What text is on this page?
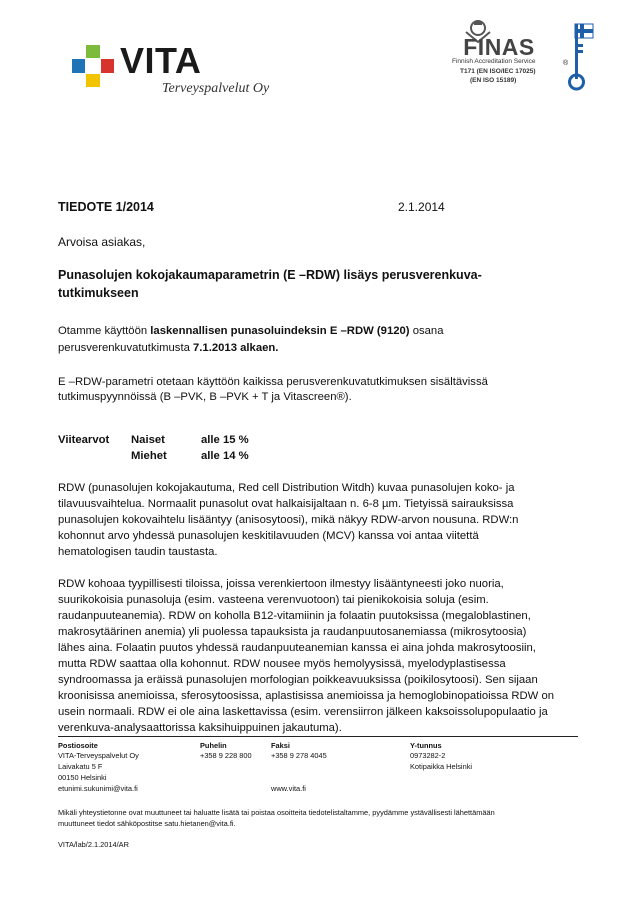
VITA
Terveyspalvelut Oy
FINAS
Finnish Accreditation Service
T171 (EN ISO/IEC 17025)
(EN ISO 15189)
®
TIEDOTE 1/2014	2.1.2014
Arvoisa asiakas,
Punasolujen kokojakaumaparametrin (E –RDW) lisäys perusverenkuva-
tutkimukseen
Otamme käyttöön laskennallisen punasoluindeksin E –RDW (9120) osana
perusverenkuvatutkimusta 7.1.2013 alkaen.
E –RDW-parametri otetaan käyttöön kaikissa perusverenkuvatutkimuksen sisältävissä
tutkimuspyynnöissä (B –PVK, B –PVK + T ja Vitascreen®).
Viitearvot Naiset	alle 15 %
Miehet	alle 14 %
RDW (punasolujen kokojakautuma, Red cell Distribution Witdh) kuvaa punasolujen koko- ja
tilavuusvaihtelua. Normaalit punasolut ovat halkaisijaltaan n. 6-8 µm. Tietyissä sairauksissa
punasolujen kokovaihtelu lisääntyy (anisosytoosi), mikä näkyy RDW-arvon nousuna. RDW:n
kohonnut arvo yhdessä punasolujen keskitilavuuden (MCV) kanssa voi antaa viitettä
hematologisen taudin taustasta.
RDW kohoaa tyypillisesti tiloissa, joissa verenkiertoon ilmestyy lisääntyneesti joko nuoria,
suurikokoisia punasoluja (esim. vasteena verenvuotoon) tai pienikokoisia soluja (esim.
raudanpuuteanemia). RDW on koholla B12-vitamiinin ja folaatin puutoksissa (megaloblastinen,
makrosytäärinen anemia) yli puolessa tapauksista ja raudanpuutosanemiassa (mikrosytoosia)
lähes aina. Folaatin puutos yhdessä raudanpuuteanemian kanssa ei aina johda makrosytoosiin,
mutta RDW saattaa olla kohonnut. RDW nousee myös hemolyysissä, myelodyplastisessa
syndroomassa ja eräissä punasolujen morfologian poikkeavuuksissa (poikilosytoosi). Sen sijaan
kroonisissa anemioissa, sferosytoosissa, aplastisissa anemioissa ja hemoglobinopatioissa RDW on
usein normaali. RDW ei ole aina laskettavissa (esim. verensiirron jälkeen kaksoissolupopulaatio ja
verenkuva-analysaattorissa kaksihuippuinen jakautuma).
Postiosoite
VITA-Terveyspalvelut Oy
Laivakatu 5 F
00150 Helsinki
etunimi.sukunimi@vita.fi
Puhelin
+358 9 228 800
Faksi
+358 9 278 4045
www.vita.fi
Y-tunnus
0973282-2
Kotipaikka Helsinki
Mikäli yhteystietonne ovat muuttuneet tai haluatte lisätä tai poistaa osoitteita tiedotelistaltamme, pyydämme ystävällisesti lähettämään
muuttuneet tiedot sähköpostitse satu.hietanen@vita.fi.
VITA/lab/2.1.2014/AR
